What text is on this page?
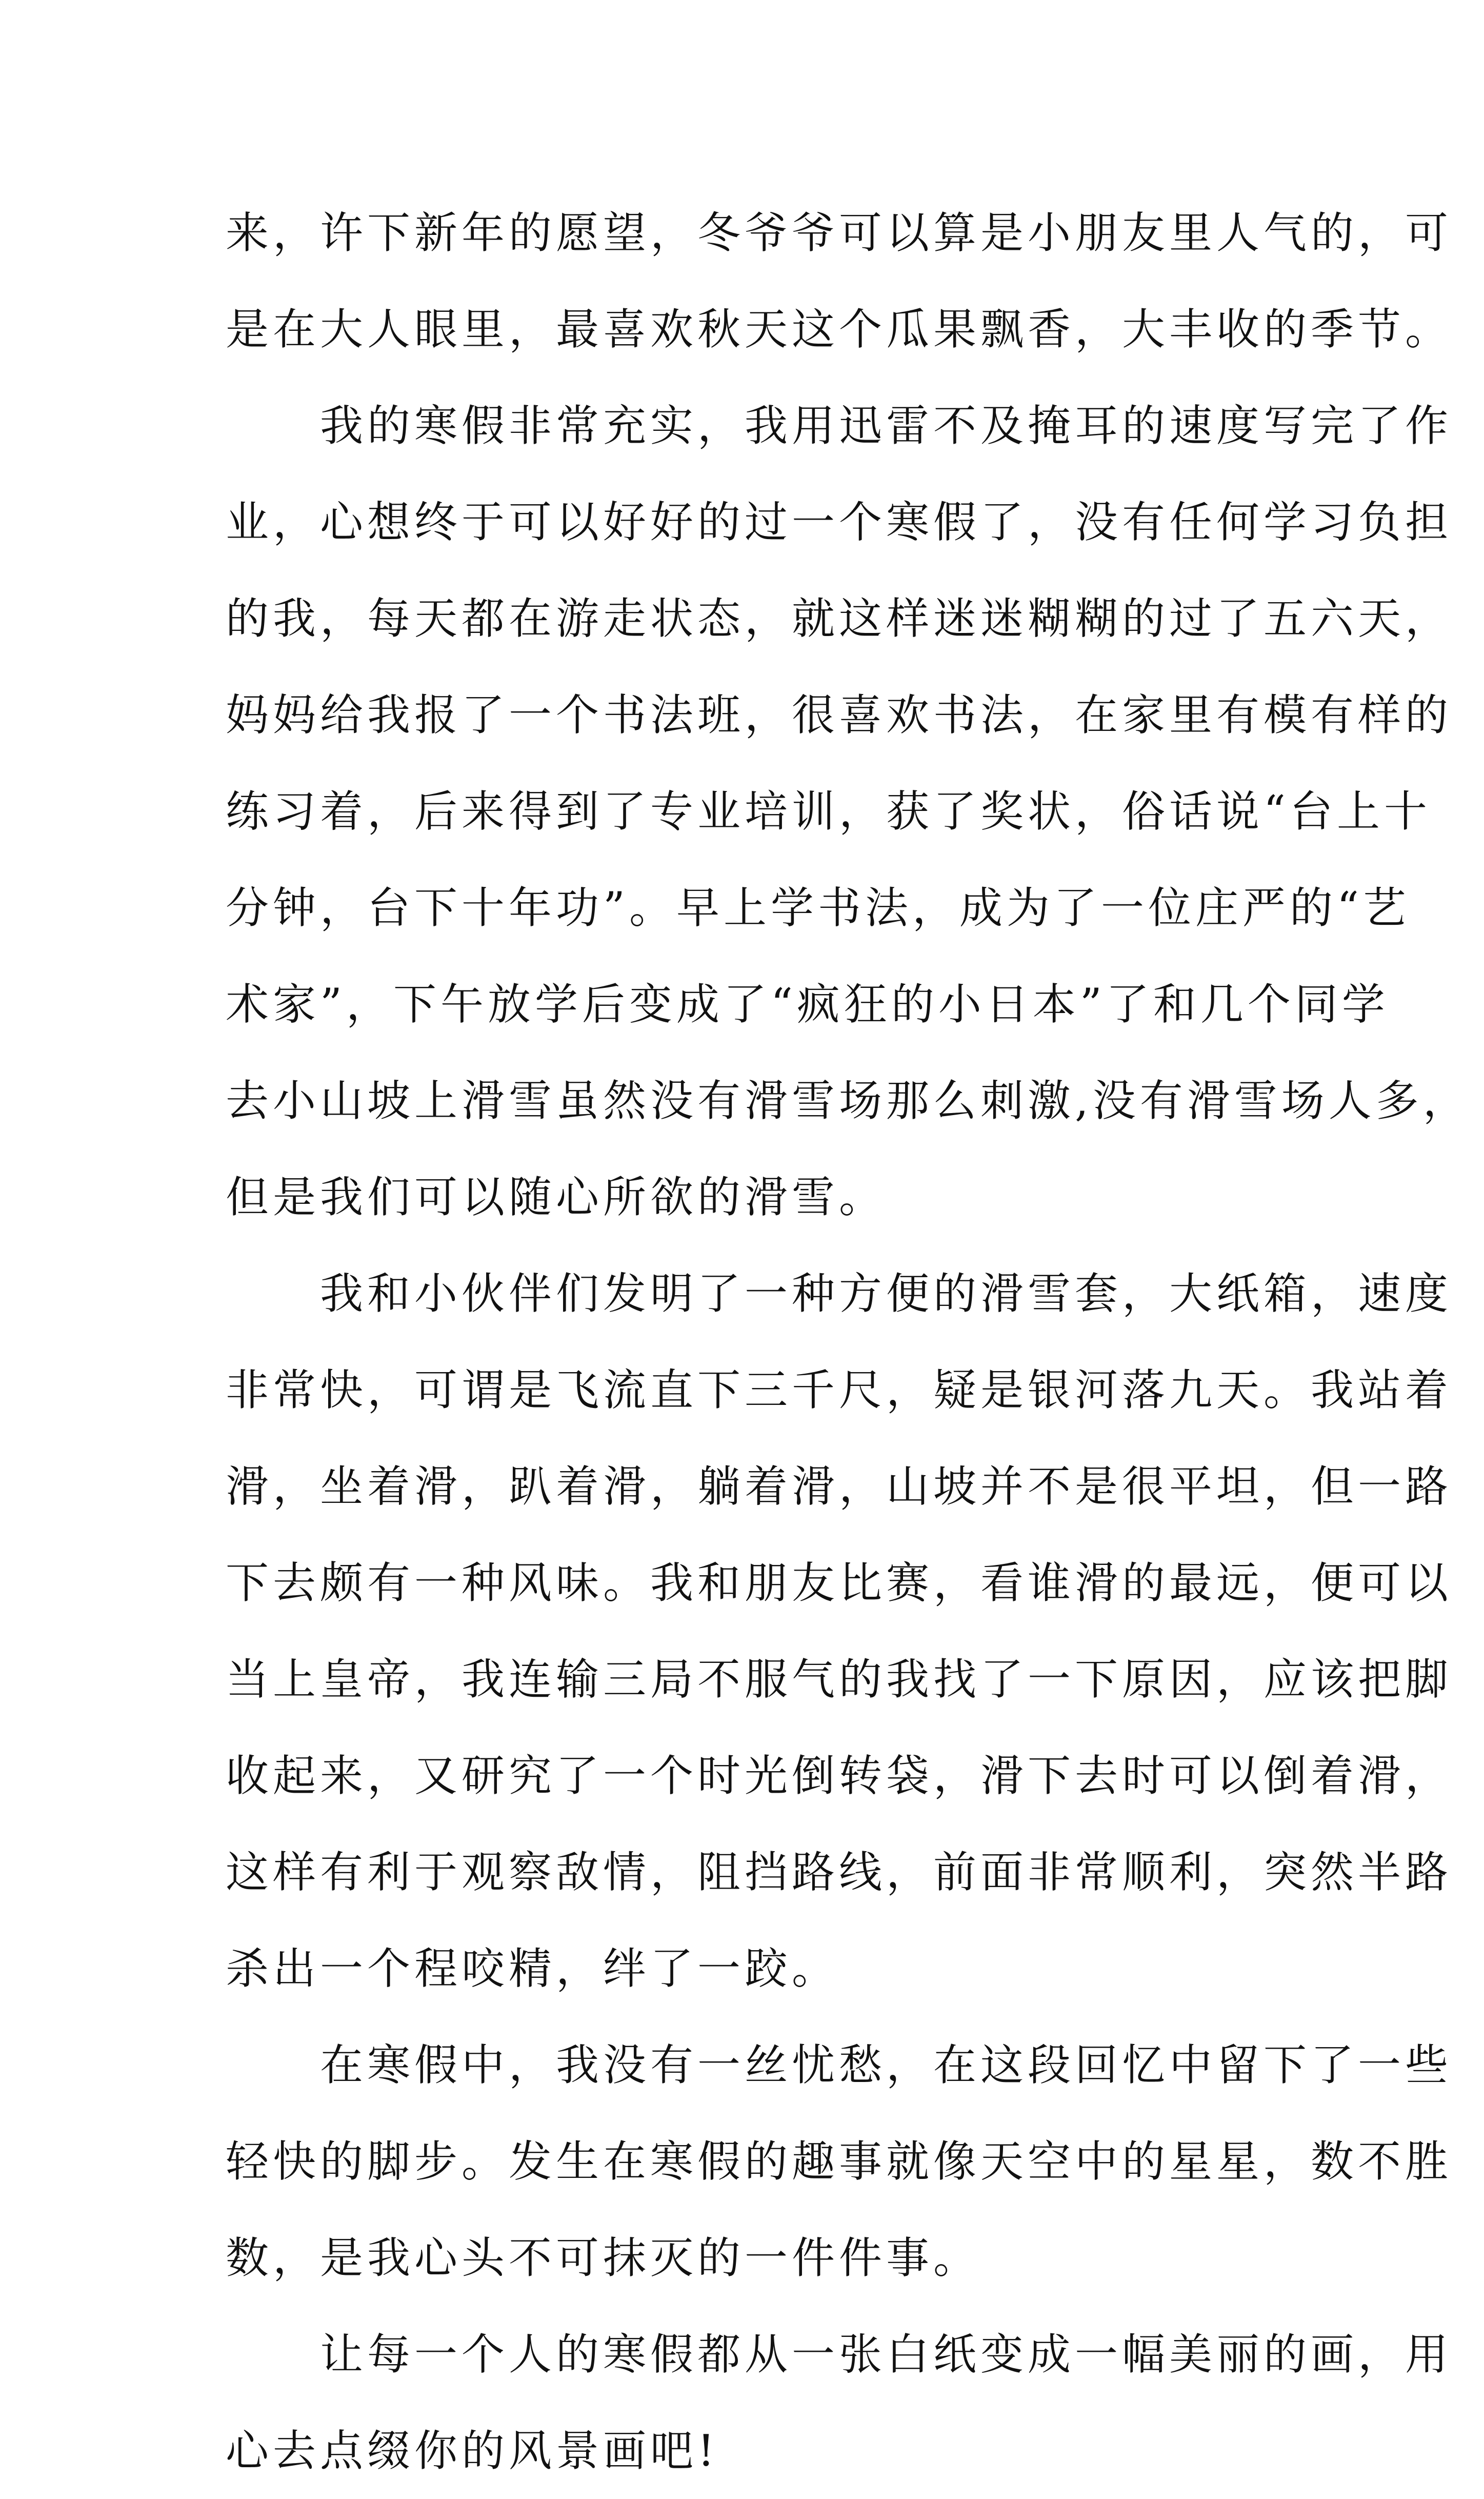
来，许下新年的愿望，冬爷爷可以算是小朋友里人气的，可
是在大人眼里，最喜欢秋天这个瓜果飘香，大丰收的季节。
　　我的寒假非常充实，我用迅雷不及掩耳的速度写完了作
业，心想终于可以好好的过一个寒假了，没有任何学习负担
的我，每天都在游走状态，就这样迷迷糊糊的过了五六天，
妈妈给我报了一个书法班，很喜欢书法，在家里有模有样的
练习着，后来得到了专业培训，获了奖状，俗话说“台上十
分钟，台下十年功”。早上学书法，成为了一位庄严的“艺
术家”，下午放学后变成了“疯狂的小日本”了和几个同学
去小山坡上滑雪虽然没有滑雪场那么刺激,没有滑雪场人多，
但是我们可以随心所欲的滑雪。
　　我和小伙伴们发明了一种方便的滑雪套，大纸箱，速度
非常快，可谓是飞流直下三千尺，疑是银河落九天。我站着
滑，坐着滑，趴着滑，躺着滑，山坡并不是很平坦，但一路
下去颇有一种风味。我和朋友比赛，看谁滑的最远，便可以
当上皇帝，我连输三局不服气的我找了一下原因，应该把脚
收起来，又研究了一个时光倒转袋，滑下去时可以倒着滑，
这样有利于观察敌情，阻挡路线，前面非常顺利，突然半路
杀出一个程咬精，绊了一跤。
　　在寒假中，我没有一丝忧愁，在这段回忆中留下了一些
轻快的脚步。发生在寒假的趣事就像天空中的星星，数不胜
数，是我心头不可抹灭的一件件事。
　　让每一个人的寒假都从一张白纸变成一幅美丽的画，用
心去点缀你的风景画吧!
